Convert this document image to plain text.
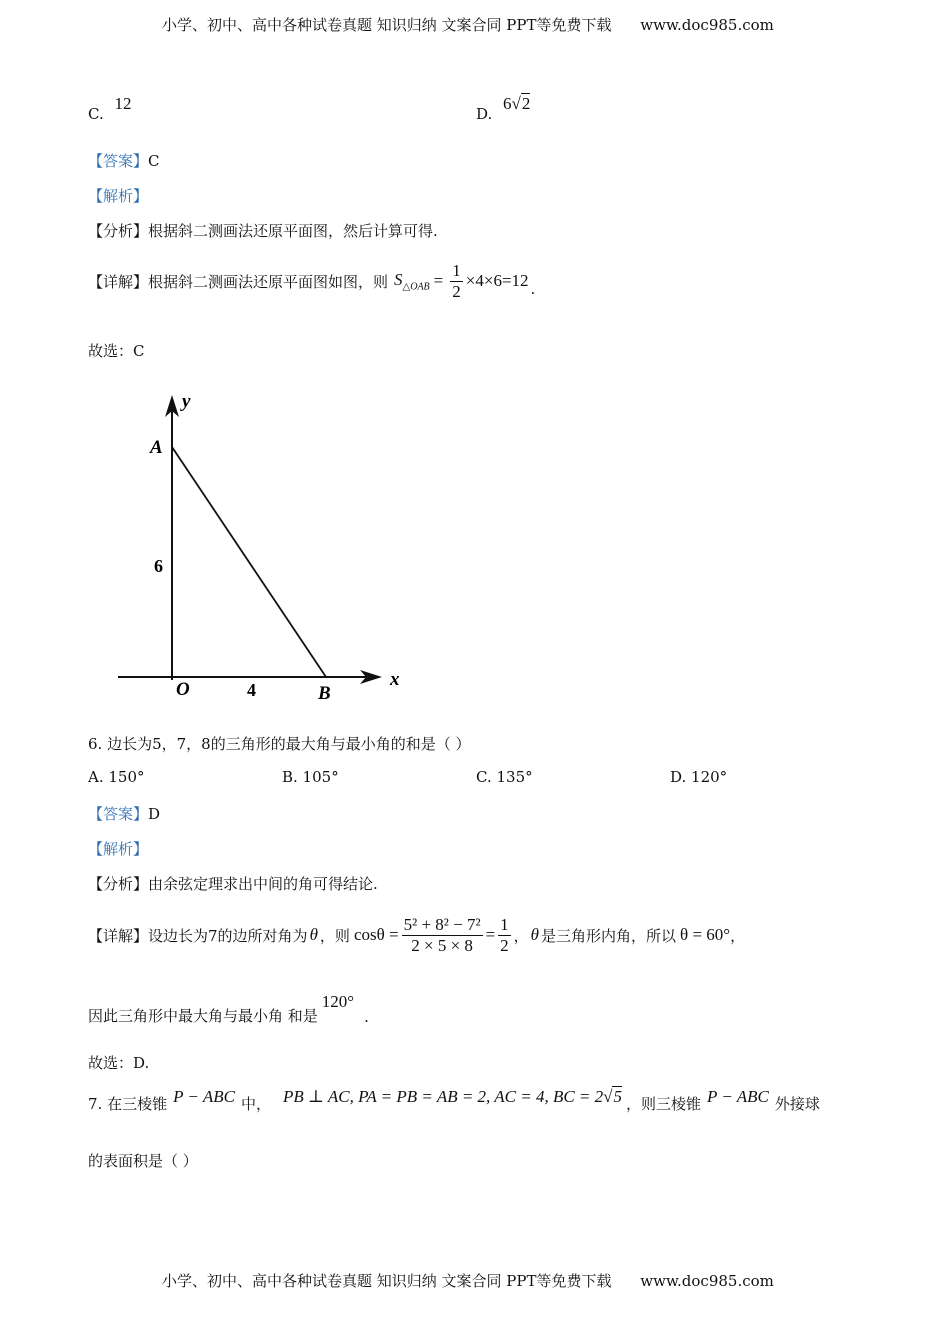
小学、初中、高中各种试卷真题 知识归纳 文案合同 PPT等免费下载 www.doc985.com
C. 12
D. 6√2
【答案】C
【解析】
【分析】根据斜二测画法还原平面图，然后计算可得.
【详解】 根据斜二测画法还原平面图如图，则 $S_{\triangle OAB} = \frac{1}{2} \times 4\times 6=12$ .
故选：C
y
x
A
O	B
6
4
6. 边长为5，7，8的三角形的最大角与最小角的和是（ ）
A. 150°	B. 105°	C. 135°	D. 120°
【答案】D
【解析】
【分析】由余弦定理求出中间的角可得结论.
【详解】 设边长为7的边所对角为 θ ，则 $\cos\theta = \frac{\text{5² + 8² − 7²}}{2 \times 5 \times 8} = \frac{1}{2}$ ， θ 是三角形内角，所以 θ = 60° ，
因此三角形中最大角与最小角 和是
120°
.
故选：D.
7. 在三棱锥 P − ABC 中， PB ⊥ AC, PA = PB = AB = 2, AC = 4, BC = 2√5 ，则三棱锥 P − ABC 外接球
的表面积是（ ）
小学、初中、高中各种试卷真题 知识归纳 文案合同 PPT等免费下载 www.doc985.com
